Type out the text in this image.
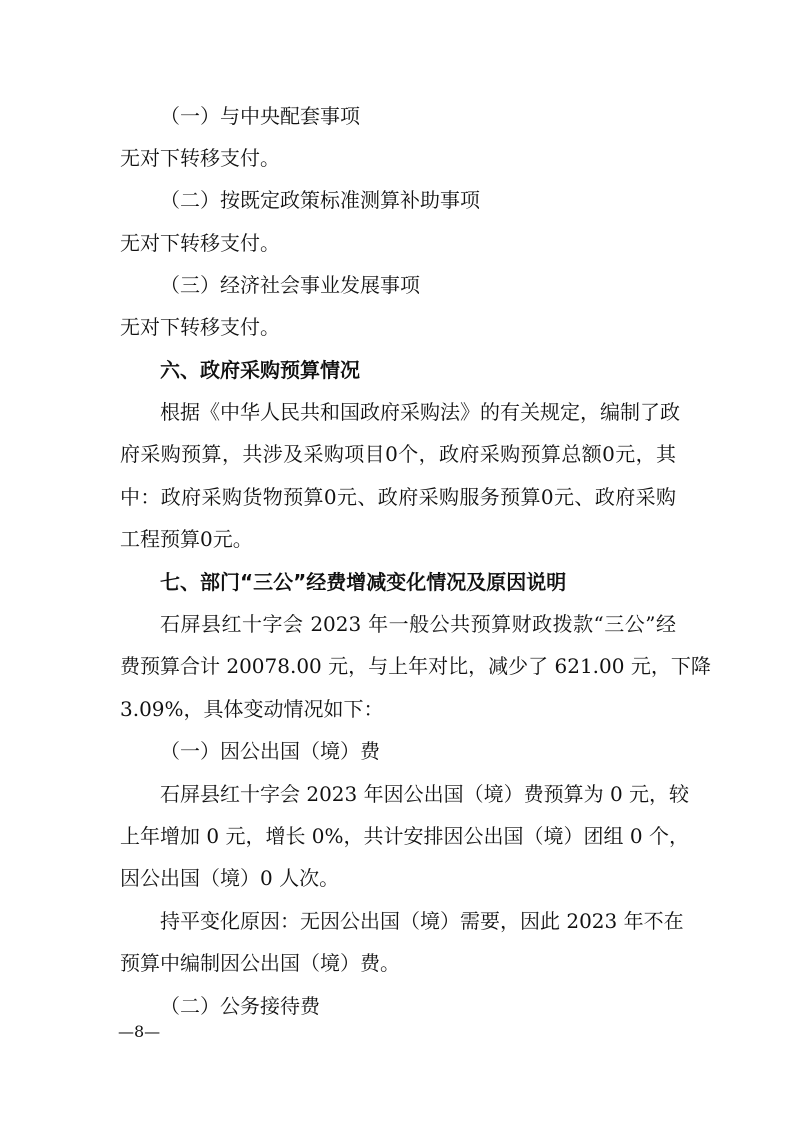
（一）与中央配套事项
无对下转移支付。
（二）按既定政策标准测算补助事项
无对下转移支付。
（三）经济社会事业发展事项
无对下转移支付。
六、政府采购预算情况
根据《中华人民共和国政府采购法》的有关规定，编制了政
府采购预算，共涉及采购项目0个，政府采购预算总额0元，其
中：政府采购货物预算0元、政府采购服务预算0元、政府采购
工程预算0元。
七、部门“三公”经费增减变化情况及原因说明
石屏县红十字会 2023 年一般公共预算财政拨款“三公”经
费预算合计 20078.00 元，与上年对比，减少了 621.00 元，下降
3.09%，具体变动情况如下：
（一）因公出国（境）费
石屏县红十字会 2023 年因公出国（境）费预算为 0 元，较
上年增加 0 元，增长 0%，共计安排因公出国（境）团组 0 个，
因公出国（境）0 人次。
持平变化原因：无因公出国（境）需要，因此 2023 年不在
预算中编制因公出国（境）费。
（二）公务接待费
—8—
